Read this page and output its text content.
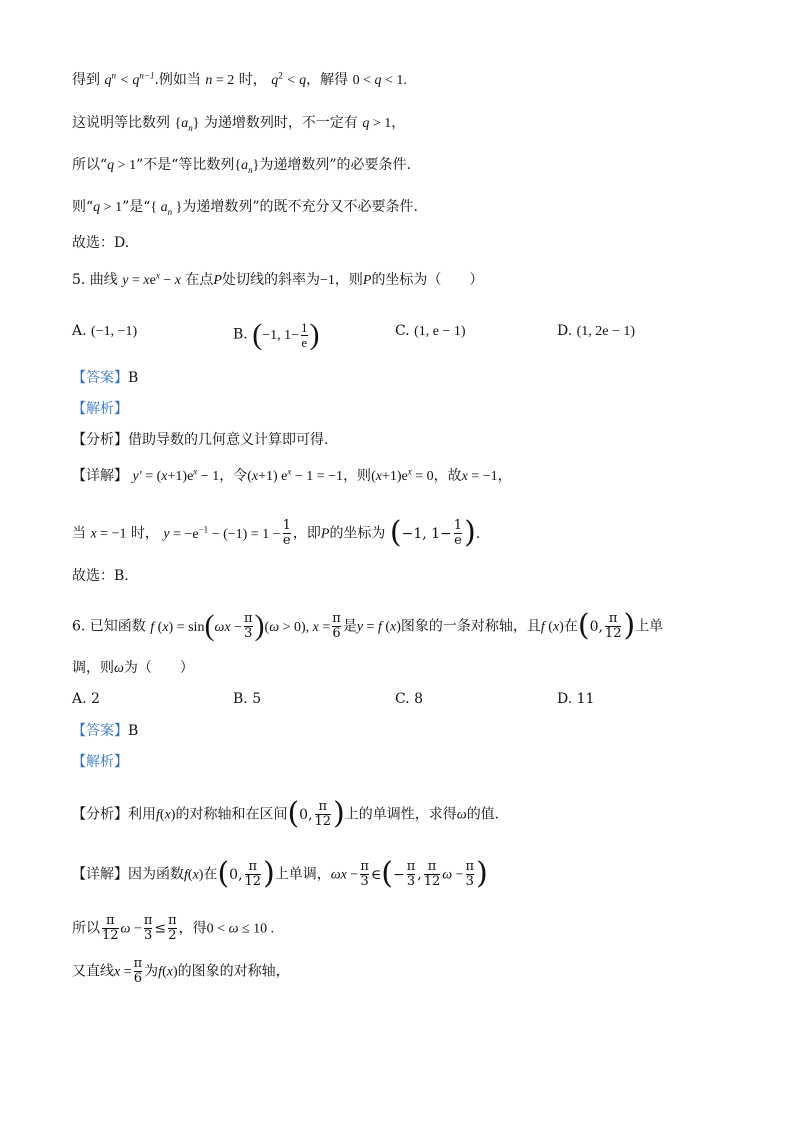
得到 $q^n < q^{n-1}$.例如当 n = 2 时， $q^2 < q$，解得 0 < q < 1.
这说明等比数列 $\{a_n\}$ 为递增数列时，不一定有 q > 1，
所以“q > 1”不是“等比数列$\{a_n\}$为递增数列”的必要条件.
则“q > 1”是“{ $a_n$ }为递增数列”的既不充分又不必要条件.
故选：D.
5. 曲线 $y = xe^x - x$ 在点P处切线的斜率为−1，则P的坐标为（　　）
A. (−1, −1)	B. (−1, $1- \frac{1}{e}$ )	C. (1, e − 1)	D. (1, 2e − 1)
【答案】B
【解析】
【分析】借助导数的几何意义计算即可得.
【详解】 $y' = (x+1)e^x - 1$，令(x+1) $e^x - 1 = -1$，则$(x+1)e^x = 0$，故x = −1，
当 x = −1 时， $y = -e^{-1} - (-1) = 1 - \frac{1}{e}$ ，即P的坐标为 (−1, $1- \frac{1}{e}$ ).
故选：B.
6. 已知函数 f $(x) = \sin(\omega x - \frac{\pi}{3} )(\omega > 0)$, $x = \frac{\pi}{6}$ 是y = f (x)图象的一条对称轴，且f (x)在(0, $\frac{\pi}{12}$ )上单
调，则ω为（　　）
A. 2	B. 5	C. 8	D. 11
【答案】B
【解析】
【分析】利用f(x)的对称轴和在区间(0, $\frac{\pi}{12}$ )上的单调性，求得ω的值.
【详解】因为函数f(x)在(0, $\frac{\pi}{12}$ )上单调，$\omega x - \frac{\pi}{3}$ ∈(− $\frac{\pi}{3}$ , $\frac{\pi}{12}$ $\omega - \frac{\pi}{3}$ )
所以 $\frac{\pi}{12}$ $\omega - \frac{\pi}{3} \le \frac{\pi}{2}$ ，得0 < ω ≤ 10 .
又直线$x = \frac{\pi}{6}$ 为f(x)的图象的对称轴，
